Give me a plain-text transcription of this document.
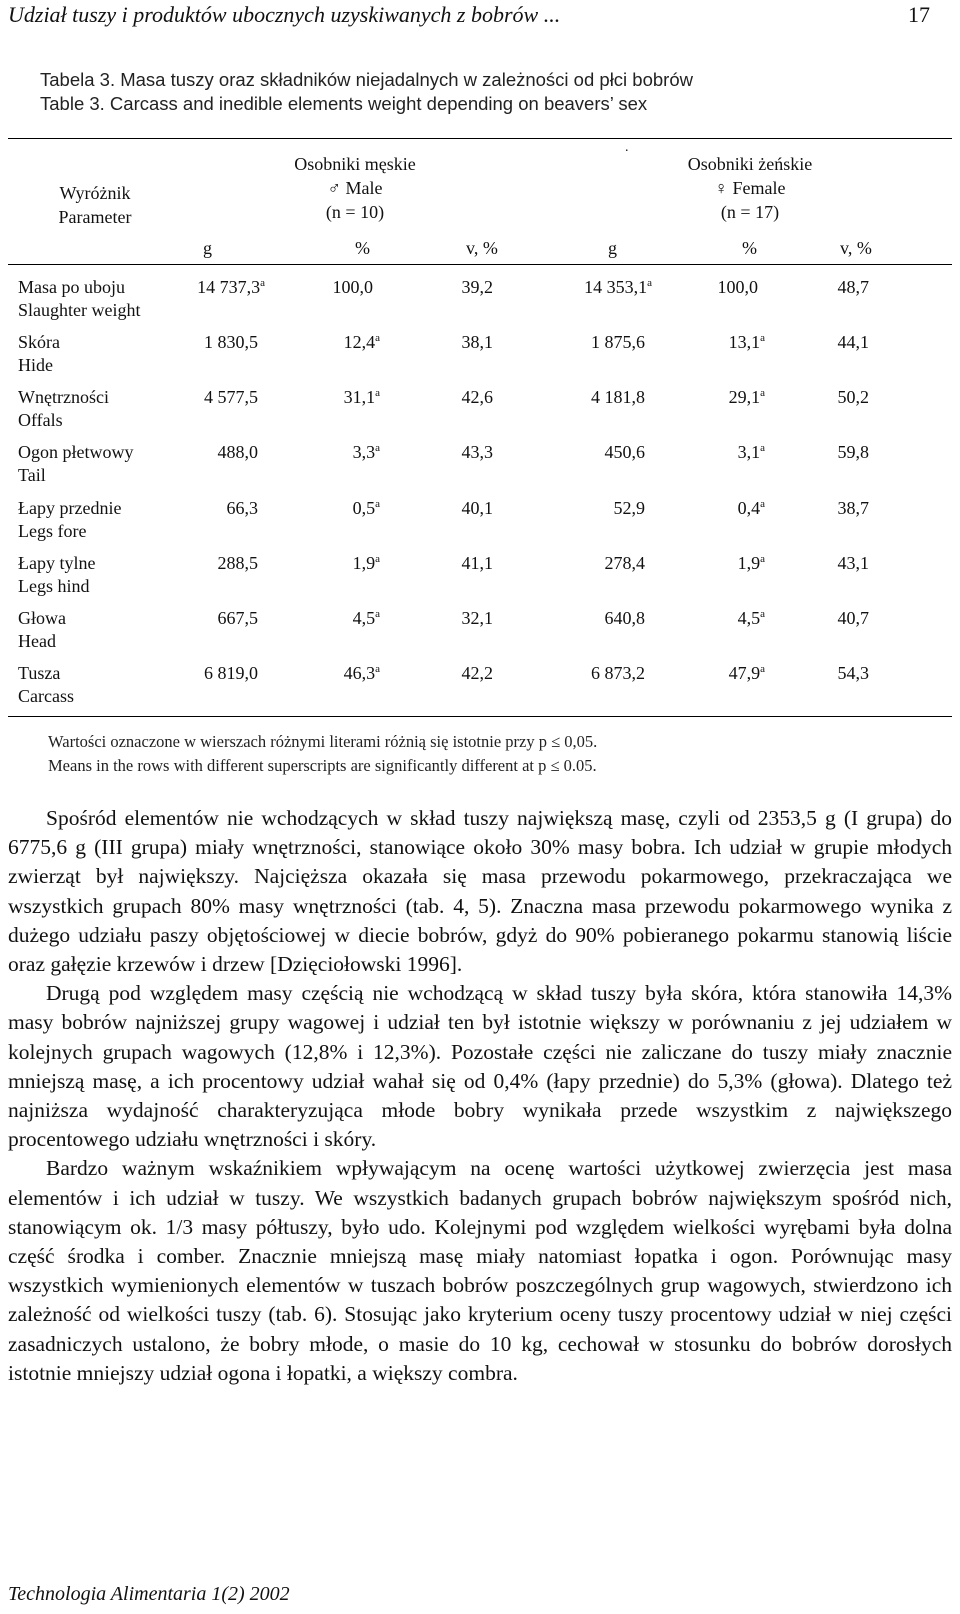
Udział tuszy i produktów ubocznych uzyskiwanych z bobrów ...	17
Tabela 3. Masa tuszy oraz składników niejadalnych w zależności od płci bobrów
Table 3. Carcass and inedible elements weight depending on beavers’ sex
.
Wyróżnik
Parameter
Osobniki męskie
♂ Male
(n = 10)
Osobniki żeńskie
♀ Female
(n = 17)
g	%	v, %	g	%	v, %
Masa po uboju
Slaughter weight
14 737,3$^a$	100,0	39,2	14 353,1$^a$	100,0	48,7
Skóra
Hide
1 830,5	12,4$^a$	38,1	1 875,6	13,1$^a$	44,1
Wnętrzności
Offals
4 577,5	31,1$^a$	42,6	4 181,8	29,1$^a$	50,2
Ogon płetwowy
Tail
488,0	3,3$^a$	43,3	450,6	3,1$^a$	59,8
Łapy przednie
Legs fore
66,3	0,5$^a$	40,1	52,9	0,4$^a$	38,7
Łapy tylne
Legs hind
288,5	1,9$^a$	41,1	278,4	1,9$^a$	43,1
Głowa
Head
667,5	4,5$^a$	32,1	640,8	4,5$^a$	40,7
Tusza
Carcass
6 819,0	46,3$^a$	42,2	6 873,2	47,9$^a$	54,3
Wartości oznaczone w wierszach różnymi literami różnią się istotnie przy p ≤ 0,05.
Means in the rows with different superscripts are significantly different at p ≤ 0.05.

Spośród elementów nie wchodzących w skład tuszy największą masę, czyli od 2353,5 g (I grupa) do 6775,6 g (III grupa) miały wnętrzności, stanowiące około 30% masy bobra. Ich udział w grupie młodych zwierząt był największy. Najcięższa okazała się masa przewodu pokarmowego, przekraczająca we wszystkich grupach 80% masy wnętrzności (tab. 4, 5). Znaczna masa przewodu pokarmowego wynika z dużego udziału paszy objętościowej w diecie bobrów, gdyż do 90% pobieranego pokarmu stanowią liście oraz gałęzie krzewów i drzew [Dzięciołowski 1996].

Drugą pod względem masy częścią nie wchodzącą w skład tuszy była skóra, która stanowiła 14,3% masy bobrów najniższej grupy wagowej i udział ten był istotnie większy w porównaniu z jej udziałem w kolejnych grupach wagowych (12,8% i 12,3%). Pozostałe części nie zaliczane do tuszy miały znacznie mniejszą masę, a ich procentowy udział wahał się od 0,4% (łapy przednie) do 5,3% (głowa). Dlatego też najniższa wydajność charakteryzująca młode bobry wynikała przede wszystkim z największego procentowego udziału wnętrzności i skóry.

Bardzo ważnym wskaźnikiem wpływającym na ocenę wartości użytkowej zwierzęcia jest masa elementów i ich udział w tuszy. We wszystkich badanych grupach bobrów największym spośród nich, stanowiącym ok. 1/3 masy półtuszy, było udo. Kolejnymi pod względem wielkości wyrębami była dolna część środka i comber. Znacznie mniejszą masę miały natomiast łopatka i ogon. Porównując masy wszystkich wymienionych elementów w tuszach bobrów poszczególnych grup wagowych, stwierdzono ich zależność od wielkości tuszy (tab. 6). Stosując jako kryterium oceny tuszy procentowy udział w niej części zasadniczych ustalono, że bobry młode, o masie do 10 kg, cechował w stosunku do bobrów dorosłych istotnie mniejszy udział ogona i łopatki, a większy combra.

Technologia Alimentaria 1(2) 2002
